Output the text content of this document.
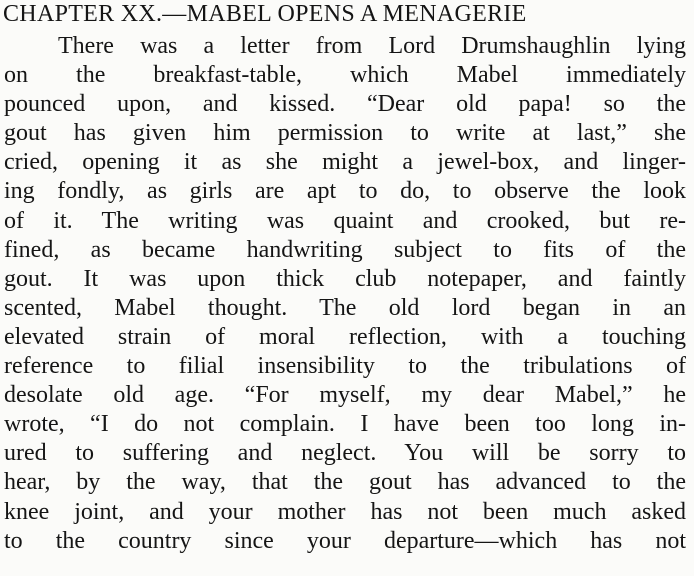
CHAPTER XX.—MABEL OPENS A MENAGERIE
There was a letter from Lord Drumshaughlin lying
on the breakfast-table, which Mabel immediately
pounced upon, and kissed. “Dear old papa! so the
gout has given him permission to write at last,” she
cried, opening it as she might a jewel-box, and linger-
ing fondly, as girls are apt to do, to observe the look
of it. The writing was quaint and crooked, but re-
fined, as became handwriting subject to fits of the
gout. It was upon thick club notepaper, and faintly
scented, Mabel thought. The old lord began in an
elevated strain of moral reflection, with a touching
reference to filial insensibility to the tribulations of
desolate old age. “For myself, my dear Mabel,” he
wrote, “I do not complain. I have been too long in-
ured to suffering and neglect. You will be sorry to
hear, by the way, that the gout has advanced to the
knee joint, and your mother has not been much asked
to the country since your departure—which has not
